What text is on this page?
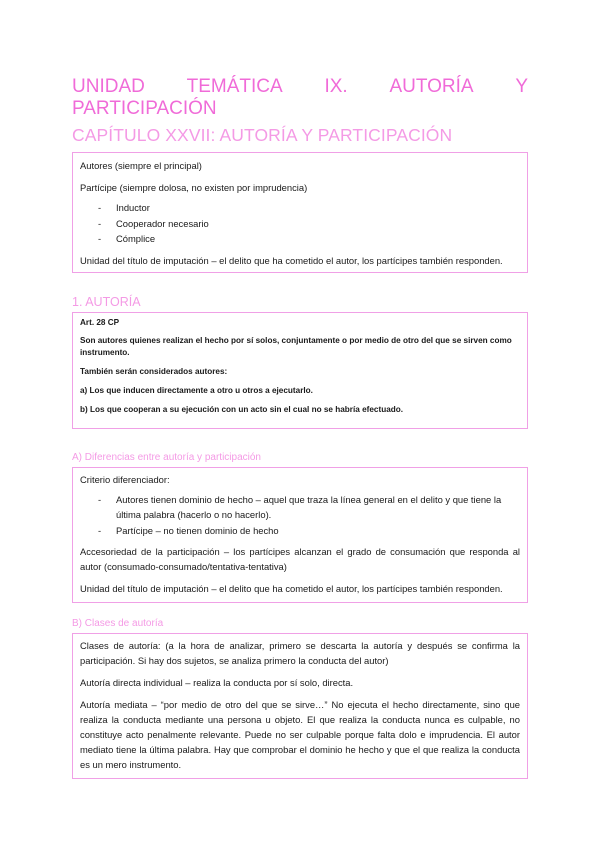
UNIDAD TEMÁTICA IX. AUTORÍA Y
PARTICIPACIÓN
CAPÍTULO XXVII: AUTORÍA Y PARTICIPACIÓN

Autores (siempre el principal)

Partícipe (siempre dolosa, no existen por imprudencia)

- Inductor
- Cooperador necesario
- Cómplice

Unidad del título de imputación – el delito que ha cometido el autor, los partícipes también responden.

1. AUTORÍA

Art. 28 CP

Son autores quienes realizan el hecho por sí solos, conjuntamente o por medio de otro del que se sirven como instrumento.

También serán considerados autores:

a) Los que inducen directamente a otro u otros a ejecutarlo.

b) Los que cooperan a su ejecución con un acto sin el cual no se habría efectuado.

A) Diferencias entre autoría y participación

Criterio diferenciador:

- Autores tienen dominio de hecho – aquel que traza la línea general en el delito y que tiene la última palabra (hacerlo o no hacerlo).
- Partícipe – no tienen dominio de hecho

Accesoriedad de la participación – los partícipes alcanzan el grado de consumación que responda al autor (consumado-consumado/tentativa-tentativa)

Unidad del título de imputación – el delito que ha cometido el autor, los partícipes también responden.

B) Clases de autoría

Clases de autoría: (a la hora de analizar, primero se descarta la autoría y después se confirma la participación. Si hay dos sujetos, se analiza primero la conducta del autor)

Autoría directa individual – realiza la conducta por sí solo, directa.

Autoría mediata – “por medio de otro del que se sirve…” No ejecuta el hecho directamente, sino que realiza la conducta mediante una persona u objeto. El que realiza la conducta nunca es culpable, no constituye acto penalmente relevante. Puede no ser culpable porque falta dolo e imprudencia. El autor mediato tiene la última palabra. Hay que comprobar el dominio he hecho y que el que realiza la conducta es un mero instrumento.
